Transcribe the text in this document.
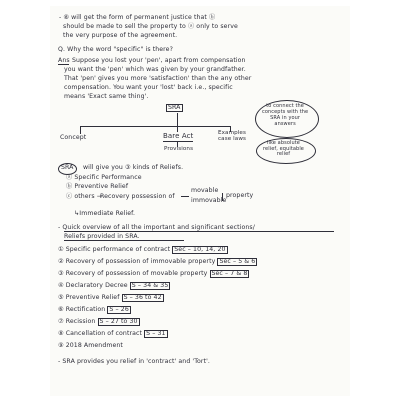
- ⑧ will get the form of permanent justice that ⓑ
should be made to sell the property to ⓐ only to serve
the very purpose of the agreement.
Q. Why the word "specific" is there?
Ans Suppose you lost your 'pen', apart from compensation
you want the 'pen' which was given by your grandfather.
That 'pen' gives you more 'satisfaction' than the any other
compensation. You want your 'lost' back i.e., specific
means 'Exact same thing'.
SRA
Concept	Bare Act
Provisions
Examples
case laws
to connect the
concepts with the
SRA in your
answers
like absolute
relief, equitable
relief
SRA will give you ③ kinds of Reliefs.
ⓐ Specific Performance
ⓑ Preventive Relief
ⓒ others →
Recovery possession of
movable
immovable
property
↳Immediate Relief.
- Quick overview of all the important and significant sections/
Reliefs provided in SRA.
① Specific performance of contract Sec – 10, 14, 20
② Recovery of possession of immovable property Sec – 5 & 6
③ Recovery of possession of movable property Sec – 7 & 8
④ Declaratory Decree S – 34 & 35
⑤ Preventive Relief S – 36 to 42
⑥ Rectification S – 26
⑦ Recission S – 27 to 30
⑧ Cancellation of contract S – 31
⑨ 2018 Amendment
- SRA provides you relief in 'contract' and 'Tort'.
